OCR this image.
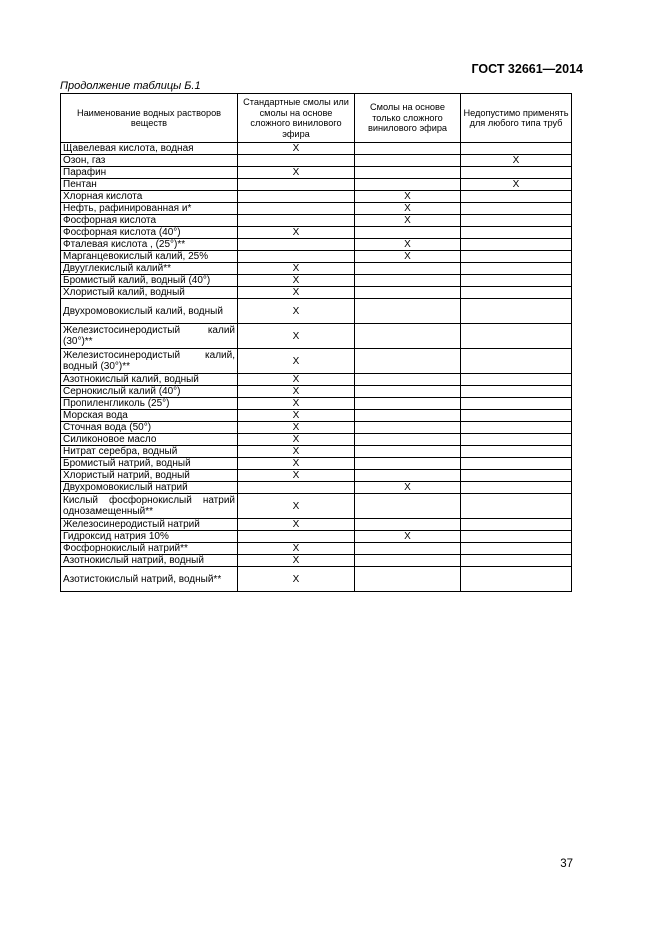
ГОСТ 32661—2014
Продолжение таблицы Б.1
Наименование водных растворов веществ	Стандартные смолы или смолы на основе сложного винилового эфира	Смолы на основе только сложного винилового эфира	Недопустимо применять для любого типа труб
Щавелевая кислота, водная	X		
Озон, газ			X
Парафин	X		
Пентан			X
Хлорная кислота		X	
Нефть, рафинированная и*		X	
Фосфорная кислота		X	
Фосфорная кислота (40°)	X		
Фталевая кислота , (25°)**		X	
Марганцевокислый калий, 25%		X	
Двууглекислый калий**	X		
Бромистый калий, водный (40°)	X		
Хлористый калий, водный	X		
Двухромовокислый калий, водный	X		
Железистосинеродистый калий (30°)**	X		
Железистосинеродистый калий, водный (30°)**	X		
Азотнокислый калий, водный	X		
Сернокислый калий (40°)	X		
Пропиленгликоль (25°)	X		
Морская вода	X		
Сточная вода (50°)	X		
Силиконовое масло	X		
Нитрат серебра, водный	X		
Бромистый натрий, водный	X		
Хлористый натрий, водный	X		
Двухромовокислый натрий		X	
Кислый фосфорнокислый натрий однозамещенный**	X		
Железосинеродистый натрий	X		
Гидроксид натрия 10%		X	
Фосфорнокислый натрий**	X		
Азотнокислый натрий, водный	X		
Азотистокислый натрий, водный**	X		
37
